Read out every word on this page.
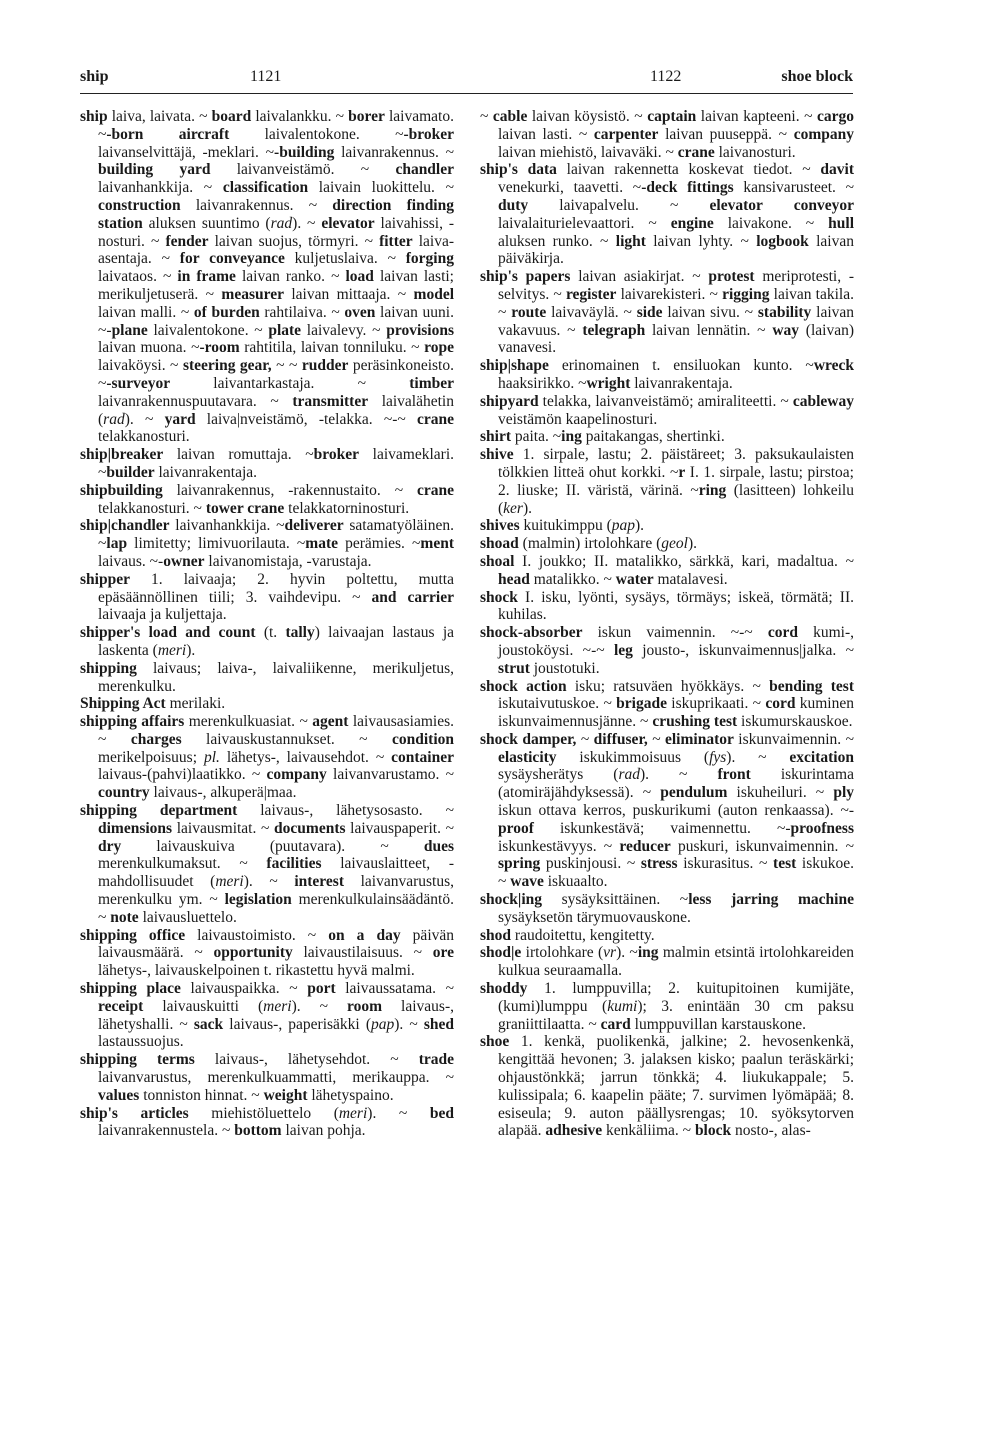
ship	1121	1122	shoe block

ship laiva, laivata. ~ board laivalankku. ~ borer laivamato. ~-born aircraft laivalentokone. ~-broker laivanselvittäjä, -meklari. ~-building laivanrakennus. ~ building yard laivanveistämö. ~ chandler laivanhankkija. ~ classification laivain luokittelu. ~ construction laivanrakennus. ~ direction finding station aluksen suuntimo (rad). ~ elevator laivahissi, -nosturi. ~ fender laivan suojus, törmyri. ~ fitter laiva-asentaja. ~ for conveyance kuljetuslaiva. ~ forging laivataos. ~ in frame laivan ranko. ~ load laivan lasti; merikuljetuserä. ~ measurer laivan mittaaja. ~ model laivan malli. ~ of burden rahtilaiva. ~ oven laivan uuni. ~-plane laivalentokone. ~ plate laivalevy. ~ provisions laivan muona. ~-room rahtitila, laivan tonniluku. ~ rope laivaköysi. ~ steering gear, ~ ~ rudder peräsinkoneisto. ~-surveyor laivantarkastaja. ~ timber laivanrakennuspuutavara. ~ transmitter laivalähetin (rad). ~ yard laiva|nveistämö, -telakka. ~-~ crane telakkanosturi.

ship|breaker laivan romuttaja. ~broker laivameklari. ~builder laivanrakentaja.

shipbuilding laivanrakennus, -rakennustaito. ~ crane telakkanosturi. ~ tower crane telakkatorninosturi.

ship|chandler laivanhankkija. ~deliverer satamatyöläinen. ~lap limitetty; limivuorilauta. ~mate perämies. ~ment laivaus. ~-owner laivanomistaja, -varustaja.

shipper 1. laivaaja; 2. hyvin poltettu, mutta epäsäännöllinen tiili; 3. vaihdevipu. ~ and carrier laivaaja ja kuljettaja.

shipper's load and count (t. tally) laivaajan lastaus ja laskenta (meri).

shipping laivaus; laiva-, laivaliikenne, merikuljetus, merenkulku.

Shipping Act merilaki.

shipping affairs merenkulkuasiat. ~ agent laivausasiamies. ~ charges laivauskustannukset. ~ condition merikelpoisuus; pl. lähetys-, laivausehdot. ~ container laivaus-(pahvi)laatikko. ~ company laivanvarustamo. ~ country laivaus-, alkuperä|maa.

shipping department laivaus-, lähetysosasto. ~ dimensions laivausmitat. ~ documents laivauspaperit. ~ dry laivauskuiva (puutavara). ~ dues merenkulkumaksut. ~ facilities laivauslaitteet, -mahdollisuudet (meri). ~ interest laivanvarustus, merenkulku ym. ~ legislation merenkulkulainsäädäntö. ~ note laivausluettelo.

shipping office laivaustoimisto. ~ on a day päivän laivausmäärä. ~ opportunity laivaustilaisuus. ~ ore lähetys-, laivauskelpoinen t. rikastettu hyvä malmi.

shipping place laivauspaikka. ~ port laivaussatama. ~ receipt laivauskuitti (meri). ~ room laivaus-, lähetyshalli. ~ sack laivaus-, paperisäkki (pap). ~ shed lastaussuojus.

shipping terms laivaus-, lähetysehdot. ~ trade laivanvarustus, merenkulkuammatti, merikauppa. ~ values tonniston hinnat. ~ weight lähetyspaino.

ship's articles miehistöluettelo (meri). ~ bed laivanrakennustela. ~ bottom laivan pohja.

~ cable laivan köysistö. ~ captain laivan kapteeni. ~ cargo laivan lasti. ~ carpenter laivan puuseppä. ~ company laivan miehistö, laivaväki. ~ crane laivanosturi.

ship's data laivan rakennetta koskevat tiedot. ~ davit venekurki, taavetti. ~-deck fittings kansivarusteet. ~ duty laivapalvelu. ~ elevator conveyor laivalaiturielevaattori. ~ engine laivakone. ~ hull aluksen runko. ~ light laivan lyhty. ~ logbook laivan päiväkirja.

ship's papers laivan asiakirjat. ~ protest meriprotesti, -selvitys. ~ register laivarekisteri. ~ rigging laivan takila. ~ route laivaväylä. ~ side laivan sivu. ~ stability laivan vakavuus. ~ telegraph laivan lennätin. ~ way (laivan) vanavesi.

ship|shape erinomainen t. ensiluokan kunto. ~wreck haaksirikko. ~wright laivanrakentaja.

shipyard telakka, laivanveistämö; amiraliteetti. ~ cableway veistämön kaapelinosturi.

shirt paita. ~ing paitakangas, shertinki.

shive 1. sirpale, lastu; 2. päistäreet; 3. paksukaulaisten tölkkien litteä ohut korkki. ~r I. 1. sirpale, lastu; pirstoa; 2. liuske; II. väristä, värinä. ~ring (lasitteen) lohkeilu (ker).

shives kuitukimppu (pap).

shoad (malmin) irtolohkare (geol).

shoal I. joukko; II. matalikko, särkkä, kari, madaltua. ~ head matalikko. ~ water matalavesi.

shock I. isku, lyönti, sysäys, törmäys; iskeä, törmätä; II. kuhilas.

shock-absorber iskun vaimennin. ~-~ cord kumi-, joustoköysi. ~-~ leg jousto-, iskunvaimennus|jalka. ~ strut joustotuki.

shock action isku; ratsuväen hyökkäys. ~ bending test iskutaivutuskoe. ~ brigade iskuprikaati. ~ cord kuminen iskunvaimennusjänne. ~ crushing test iskumurskauskoe.

shock damper, ~ diffuser, ~ eliminator iskunvaimennin. ~ elasticity iskukimmoisuus (fys). ~ excitation sysäysherätys (rad). ~ front iskurintama (atomiräjähdyksessä). ~ pendulum iskuheiluri. ~ ply iskun ottava kerros, puskurikumi (auton renkaassa). ~-proof iskunkestävä; vaimennettu. ~-proofness iskunkestävyys. ~ reducer puskuri, iskunvaimennin. ~ spring puskinjousi. ~ stress iskurasitus. ~ test iskukoe. ~ wave iskuaalto.

shock|ing sysäyksittäinen. ~less jarring machine sysäyksetön tärymuovauskone.

shod raudoitettu, kengitetty.

shod|e irtolohkare (vr). ~ing malmin etsintä irtolohkareiden kulkua seuraamalla.

shoddy 1. lumppuvilla; 2. kuitupitoinen kumijäte, (kumi)lumppu (kumi); 3. enintään 30 cm paksu graniittilaatta. ~ card lumppuvillan karstauskone.

shoe 1. kenkä, puolikenkä, jalkine; 2. hevosenkenkä, kengittää hevonen; 3. jalaksen kisko; paalun teräskärki; ohjaustönkkä; jarrun tönkkä; 4. liukukappale; 5. kulissipala; 6. kaapelin pääte; 7. survimen lyömäpää; 8. esiseula; 9. auton päällysrengas; 10. syöksytorven alapää. adhesive kenkäliima. ~ block nosto-, alas-
